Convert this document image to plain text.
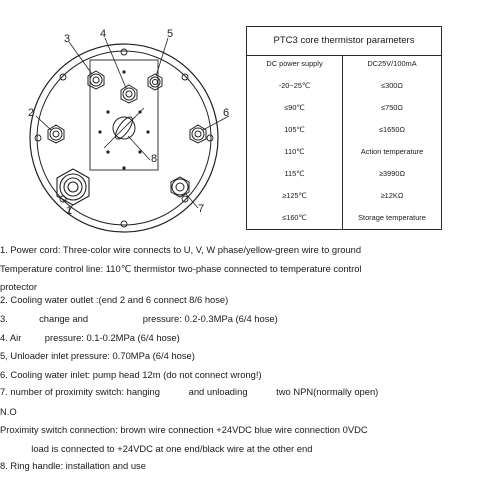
1
2
3	4	5
6
7
8
PTC3 core thermistor parameters
DC power supply	DC25V/100mA
-20~25℃	≤300Ω
≤90℃	≤750Ω
105℃	≤1650Ω
110℃	Action temperature
115℃	≥3990Ω
≥125℃	≥12KΩ
≤160℃	Storage temperature
1. Power cord: Three-color wire connects to U, V, W phase/yellow-green wire to ground
Temperature control line: 110℃ thermistor two-phase connected to temperature control
protector
2. Cooling water outlet :(end 2 and 6 connect 8/6 hose)
3.            change and                     pressure: 0.2-0.3MPa (6/4 hose)
4. Air         pressure: 0.1-0.2MPa (6/4 hose)
5, Unloader inlet pressure: 0.70MPa (6/4 hose)
6. Cooling water inlet: pump head 12m (do not connect wrong!)
7. number of proximity switch: hanging           and unloading           two NPN(normally open)
N.O
Proximity switch connection: brown wire connection +24VDC blue wire connection 0VDC
load is connected to +24VDC at one end/black wire at the other end
8. Ring handle: installation and use
